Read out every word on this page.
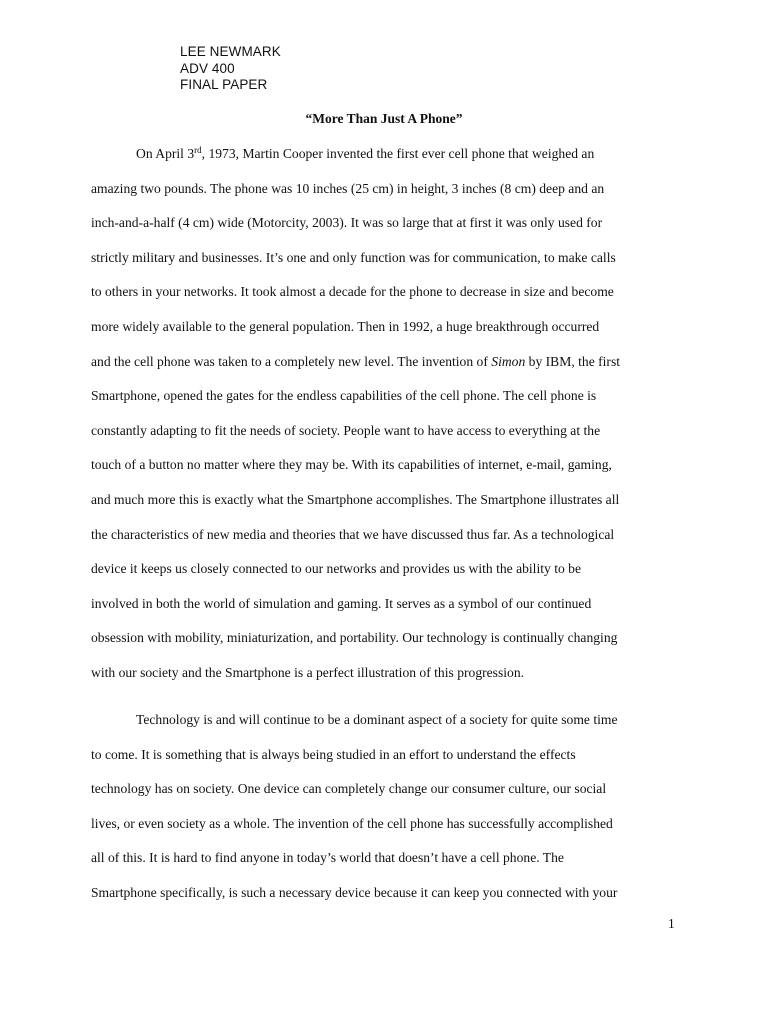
LEE NEWMARK
ADV 400
FINAL PAPER
“More Than Just A Phone”
On April 3rd, 1973, Martin Cooper invented the first ever cell phone that weighed an
amazing two pounds. The phone was 10 inches (25 cm) in height, 3 inches (8 cm) deep and an
inch-and-a-half (4 cm) wide (Motorcity, 2003). It was so large that at first it was only used for
strictly military and businesses. It’s one and only function was for communication, to make calls
to others in your networks. It took almost a decade for the phone to decrease in size and become
more widely available to the general population. Then in 1992, a huge breakthrough occurred
and the cell phone was taken to a completely new level. The invention of Simon by IBM, the first
Smartphone, opened the gates for the endless capabilities of the cell phone. The cell phone is
constantly adapting to fit the needs of society. People want to have access to everything at the
touch of a button no matter where they may be. With its capabilities of internet, e-mail, gaming,
and much more this is exactly what the Smartphone accomplishes. The Smartphone illustrates all
the characteristics of new media and theories that we have discussed thus far. As a technological
device it keeps us closely connected to our networks and provides us with the ability to be
involved in both the world of simulation and gaming. It serves as a symbol of our continued
obsession with mobility, miniaturization, and portability. Our technology is continually changing
with our society and the Smartphone is a perfect illustration of this progression.
Technology is and will continue to be a dominant aspect of a society for quite some time
to come. It is something that is always being studied in an effort to understand the effects
technology has on society. One device can completely change our consumer culture, our social
lives, or even society as a whole. The invention of the cell phone has successfully accomplished
all of this. It is hard to find anyone in today’s world that doesn’t have a cell phone. The
Smartphone specifically, is such a necessary device because it can keep you connected with your
1
